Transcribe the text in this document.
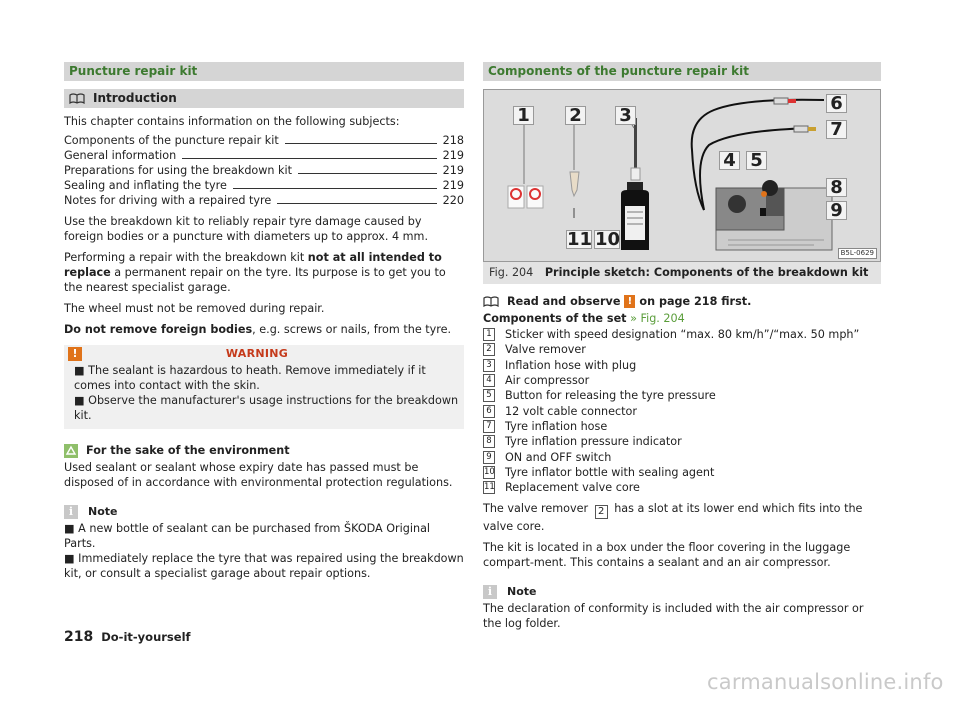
Puncture repair kit
Introduction

This chapter contains information on the following subjects:

Components of the puncture repair kit	218
General information	219
Preparations for using the breakdown kit	219
Sealing and inflating the tyre	219
Notes for driving with a repaired tyre	220

Use the breakdown kit to reliably repair tyre damage caused by foreign bodies or a puncture with diameters up to approx. 4 mm.

Performing a repair with the breakdown kit not at all intended to replace a permanent repair on the tyre. Its purpose is to get you to the nearest specialist garage.

The wheel must not be removed during repair.

Do not remove foreign bodies, e.g. screws or nails, from the tyre.

!	WARNING
■ The sealant is hazardous to heath. Remove immediately if it comes into contact with the skin.
■ Observe the manufacturer's usage instructions for the breakdown kit.
For the sake of the environment

Used sealant or sealant whose expiry date has passed must be disposed of in accordance with environmental protection regulations.

i	Note
■ A new bottle of sealant can be purchased from ŠKODA Original Parts.
■ Immediately replace the tyre that was repaired using the breakdown kit, or consult a specialist garage about repair options.
Components of the puncture repair kit
1 2 3
4 5
6
7
8
9
10
11
B5L-0629
Fig. 204 Principle sketch: Components of the breakdown kit
Read and observe ! on page 218 first.
Components of the set » Fig. 204
1 Sticker with speed designation “max. 80 km/h”/“max. 50 mph”
2 Valve remover
3 Inflation hose with plug
4 Air compressor
5 Button for releasing the tyre pressure
6 12 volt cable connector
7 Tyre inflation hose
8 Tyre inflation pressure indicator
9 ON and OFF switch
10 Tyre inflator bottle with sealing agent
11 Replacement valve core

The valve remover 2 has a slot at its lower end which fits into the valve core.

The kit is located in a box under the floor covering in the luggage compart-ment. This contains a sealant and an air compressor.

i	Note

The declaration of conformity is included with the air compressor or the log folder.

218 Do-it-yourself
carmanualsonline.info
